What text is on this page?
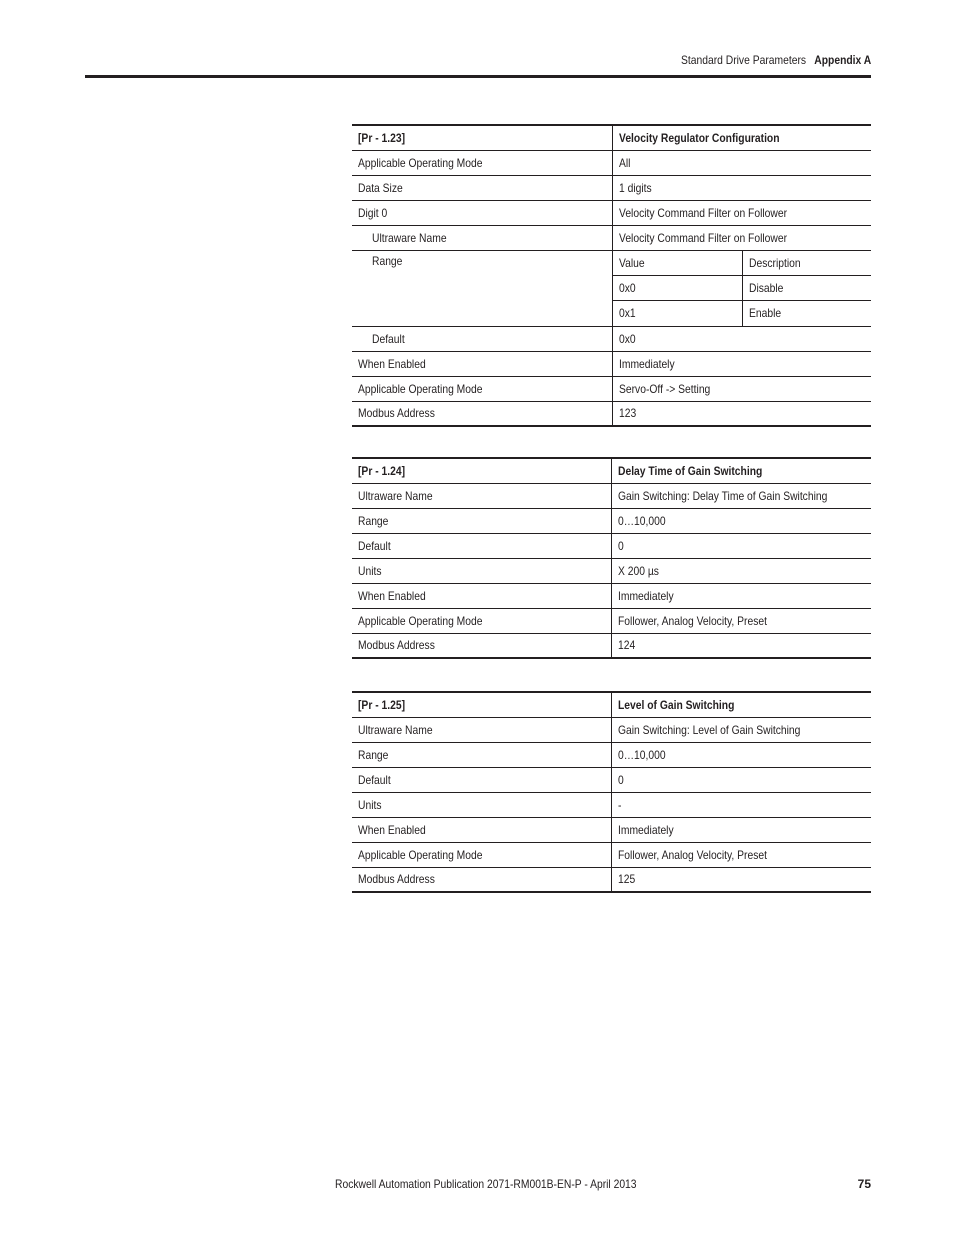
Standard Drive Parameters Appendix A
[Pr - 1.23]	Velocity Regulator Configuration
Applicable Operating Mode	All
Data Size	1 digits
Digit 0	Velocity Command Filter on Follower
Ultraware Name	Velocity Command Filter on Follower
Range		Value	Description
0x0	Disable
0x1	Enable

Default	0x0
When Enabled	Immediately
Applicable Operating Mode	Servo-Off -> Setting
Modbus Address	123
[Pr - 1.24]	Delay Time of Gain Switching
Ultraware Name	Gain Switching: Delay Time of Gain Switching
Range	0…10,000
Default	0
Units	X 200 µs
When Enabled	Immediately
Applicable Operating Mode	Follower, Analog Velocity, Preset
Modbus Address	124
[Pr - 1.25]	Level of Gain Switching
Ultraware Name	Gain Switching: Level of Gain Switching
Range	0…10,000
Default	0
Units	-
When Enabled	Immediately
Applicable Operating Mode	Follower, Analog Velocity, Preset
Modbus Address	125
Rockwell Automation Publication 2071-RM001B-EN-P - April 2013	75
